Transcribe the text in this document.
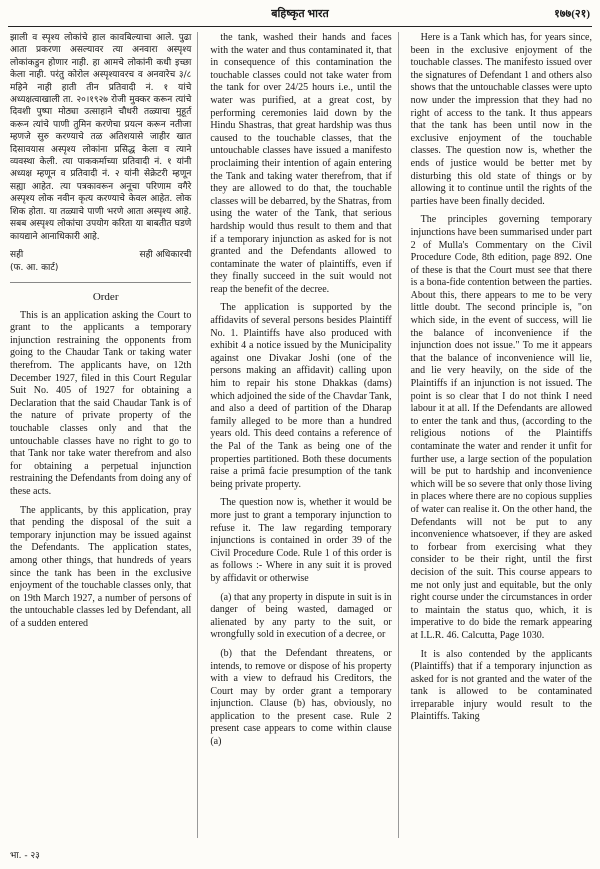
बहिष्कृत भारत	१७७(२१)

झाली व स्पृश्य लोकांचे हाल कावबिल्याचा आले. पुढा आता प्रकरणा असल्यावर त्या अनवारा अस्पृश्य लोकांकडुन होणार नाही. हा आमचे लोकांनी कधी इच्छा केला नाही. परंतु कोरोल अस्पृश्यावरच व अनवारेच ३/८ महिने नाही हाती तीन प्रतिवादी नं. १ यांचे अध्यक्षत्वाखाली ता. २०।१९२७ रोजी मुक्कर करून त्यांचे दिवशी पुष्पा मोठ्या उत्साहाने चौधरी तळ्याचा मुहूर्त करून त्यांचे पाणी तुमिन करणेचा प्रयत्न करून नतीजा म्हणजे सुरु करण्याचे तळ अतिशयासे जाहीर खात दिसावयास अस्पृश्य लोकांना प्रसिद्ध केला व त्याने व्यवस्था केली. त्या पाककर्माच्या प्रतिवादी नं. १ यांनी अध्यक्ष म्हणून व प्रतिवादी नं. २ यांनी सेक्रेटरी म्हणून सह्या आहेत. त्या पत्रकावरून अनूचा परिणाम वगैरे अस्पृश्य लोक नवीन कृत्य करण्याचे केवल आहेत. लोक शिक होता. या तळ्याचे पाणी भरणे आता अस्पृश्य आहे. सबब अस्पृश्य लोकांचा उपयोग करिता या बाबतीत घडणे कायद्याने आनाधिकारी आहे.

सही	सही अधिकारची
(फ. आ. कार्ट)

Order

This is an application asking the Court to grant to the applicants a temporary injunction restraining the opponents from going to the Chaudar Tank or taking water therefrom. The applicants have, on 12th December 1927, filed in this Court Regular Suit No. 405 of 1927 for obtaining a Declaration that the said Chaudar Tank is of the nature of private property of the touchable classes only and that the untouchable classes have no right to go to that Tank nor take water therefrom and also for obtaining a perpetual injunction restraining the Defendants from doing any of these acts.

The applicants, by this application, pray that pending the disposal of the suit a temporary injunction may be issued against the Defendants. The application states, among other things, that hundreds of years since the tank has been in the exclusive enjoyment of the touchable classes only, that on 19th March 1927, a number of persons of the untouchable classes led by Defendant, all of a sudden entered

the tank, washed their hands and faces with the water and thus contaminated it, that in consequence of this contamination the touchable classes could not take water from the tank for over 24/25 hours i.e., until the water was purified, at a great cost, by performing ceremonies laid down by the Hindu Shastras, that great hardship was thus caused to the touchable classes, that the untouchable classes have issued a manifesto proclaiming their intention of again entering the Tank and taking water therefrom, that if they are allowed to do that, the touchable classes will be debarred, by the Shatras, from using the water of the Tank, that serious hardship would thus result to them and that if a temporary injunction as asked for is not granted and the Defendants allowed to contaminate the water of plaintiffs, even if they finally succeed in the suit would not reap the benefit of the decree.

The application is supported by the affidavits of several persons besides Plaintiff No. 1. Plaintiffs have also produced with exhibit 4 a notice issued by the Municipality against one Divakar Joshi (one of the persons making an affidavit) calling upon him to repair his stone Dhakkas (dams) which adjoined the side of the Chavdar Tank, and also a deed of partition of the Dharap family alleged to be more than a hundred years old. This deed contains a reference of the Pal of the Tank as being one of the properties partitioned. Both these documents raise a primâ facie presumption of the tank being private property.

The question now is, whether it would be more just to grant a temporary injunction to refuse it. The law regarding temporary injunctions is contained in order 39 of the Civil Procedure Code. Rule 1 of this order is as follows :- Where in any suit it is proved by affidavit or otherwise

(a) that any property in dispute in suit is in danger of being wasted, damaged or alienated by any party to the suit, or wrongfully sold in execution of a decree, or

(b) that the Defendant threatens, or intends, to remove or dispose of his property with a view to defraud his Creditors, the Court may by order grant a temporary injunction. Clause (b) has, obviously, no application to the present case. Rule 2 present case appears to come within clause (a)

Here is a Tank which has, for years since, been in the exclusive enjoyment of the touchable classes. The manifesto issued over the signatures of Defendant 1 and others also shows that the untouchable classes were upto now under the impression that they had no right of access to the tank. It thus appears that the tank has been until now in the exclusive enjoyment of the touchable classes. The question now is, whether the ends of justice would be better met by disturbing this old state of things or by allowing it to continue until the rights of the parties have been finally decided.

The principles governing temporary injunctions have been summarised under part 2 of Mulla's Commentary on the Civil Procedure Code, 8th edition, page 892. One of these is that the Court must see that there is a bona-fide contention between the parties. About this, there appears to me to be very little doubt. The second principle is, "on which side, in the event of success, will lie the balance of inconvenience if the injunction does not issue." To me it appears that the balance of inconvenience will lie, and lie very heavily, on the side of the Plaintiffs if an injunction is not issued. The point is so clear that I do not think I need labour it at all. If the Defendants are allowed to enter the tank and thus, (according to the religious notions of the Plaintiffs contaminate the water and render it unfit for further use, a large section of the population will be put to hardship and inconvenience which will be so severe that only those living in places where there are no copious supplies of water can realise it. On the other hand, the Defendants will not be put to any inconvenience whatsoever, if they are asked to forbear from exercising what they consider to be their right, until the first decision of the suit. This course appears to me not only just and equitable, but the only right course under the circumstances in order to maintain the status quo, which, it is imperative to do bide the remark appearing at I.L.R. 46. Calcutta, Page 1030.

It is also contended by the applicants (Plaintiffs) that if a temporary injunction as asked for is not granted and the water of the tank is allowed to be contaminated irreparable injury would result to the Plaintiffs. Taking

भा. - २३
